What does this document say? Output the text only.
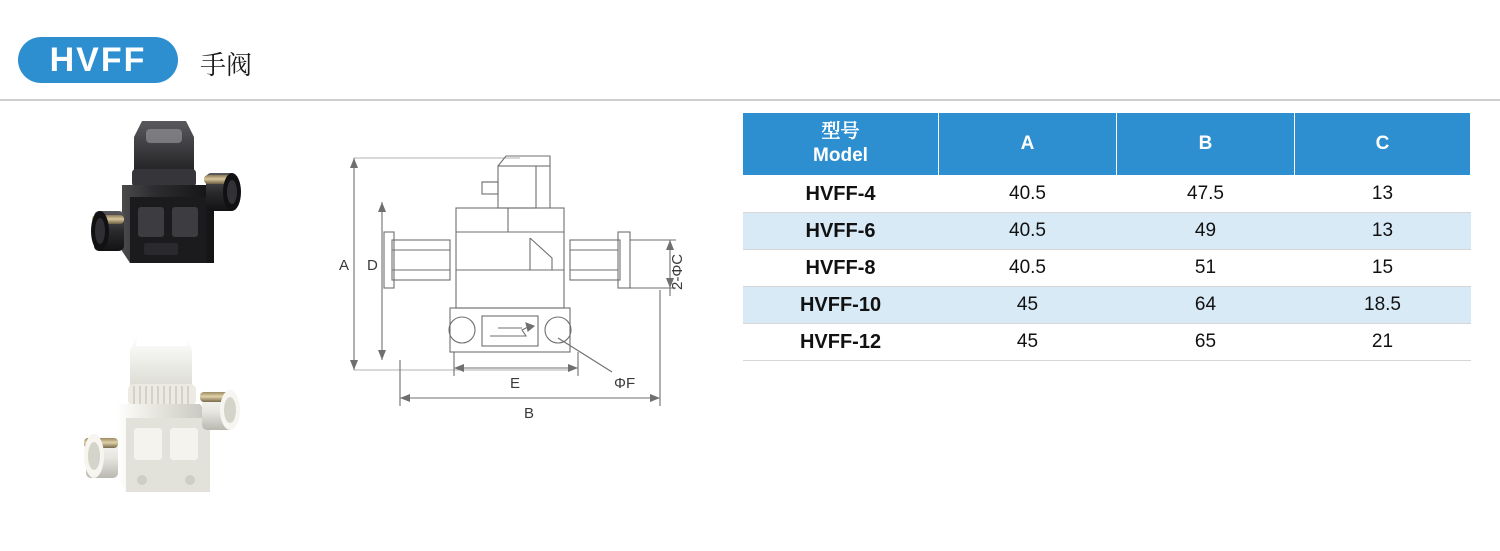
HVFF	手阀
A D
B
E
2-ΦC
ΦF
型号
Model	A	B	C
HVFF-4	40.5	47.5	13
HVFF-6	40.5	49	13
HVFF-8	40.5	51	15
HVFF-10	45	64	18.5
HVFF-12	45	65	21
